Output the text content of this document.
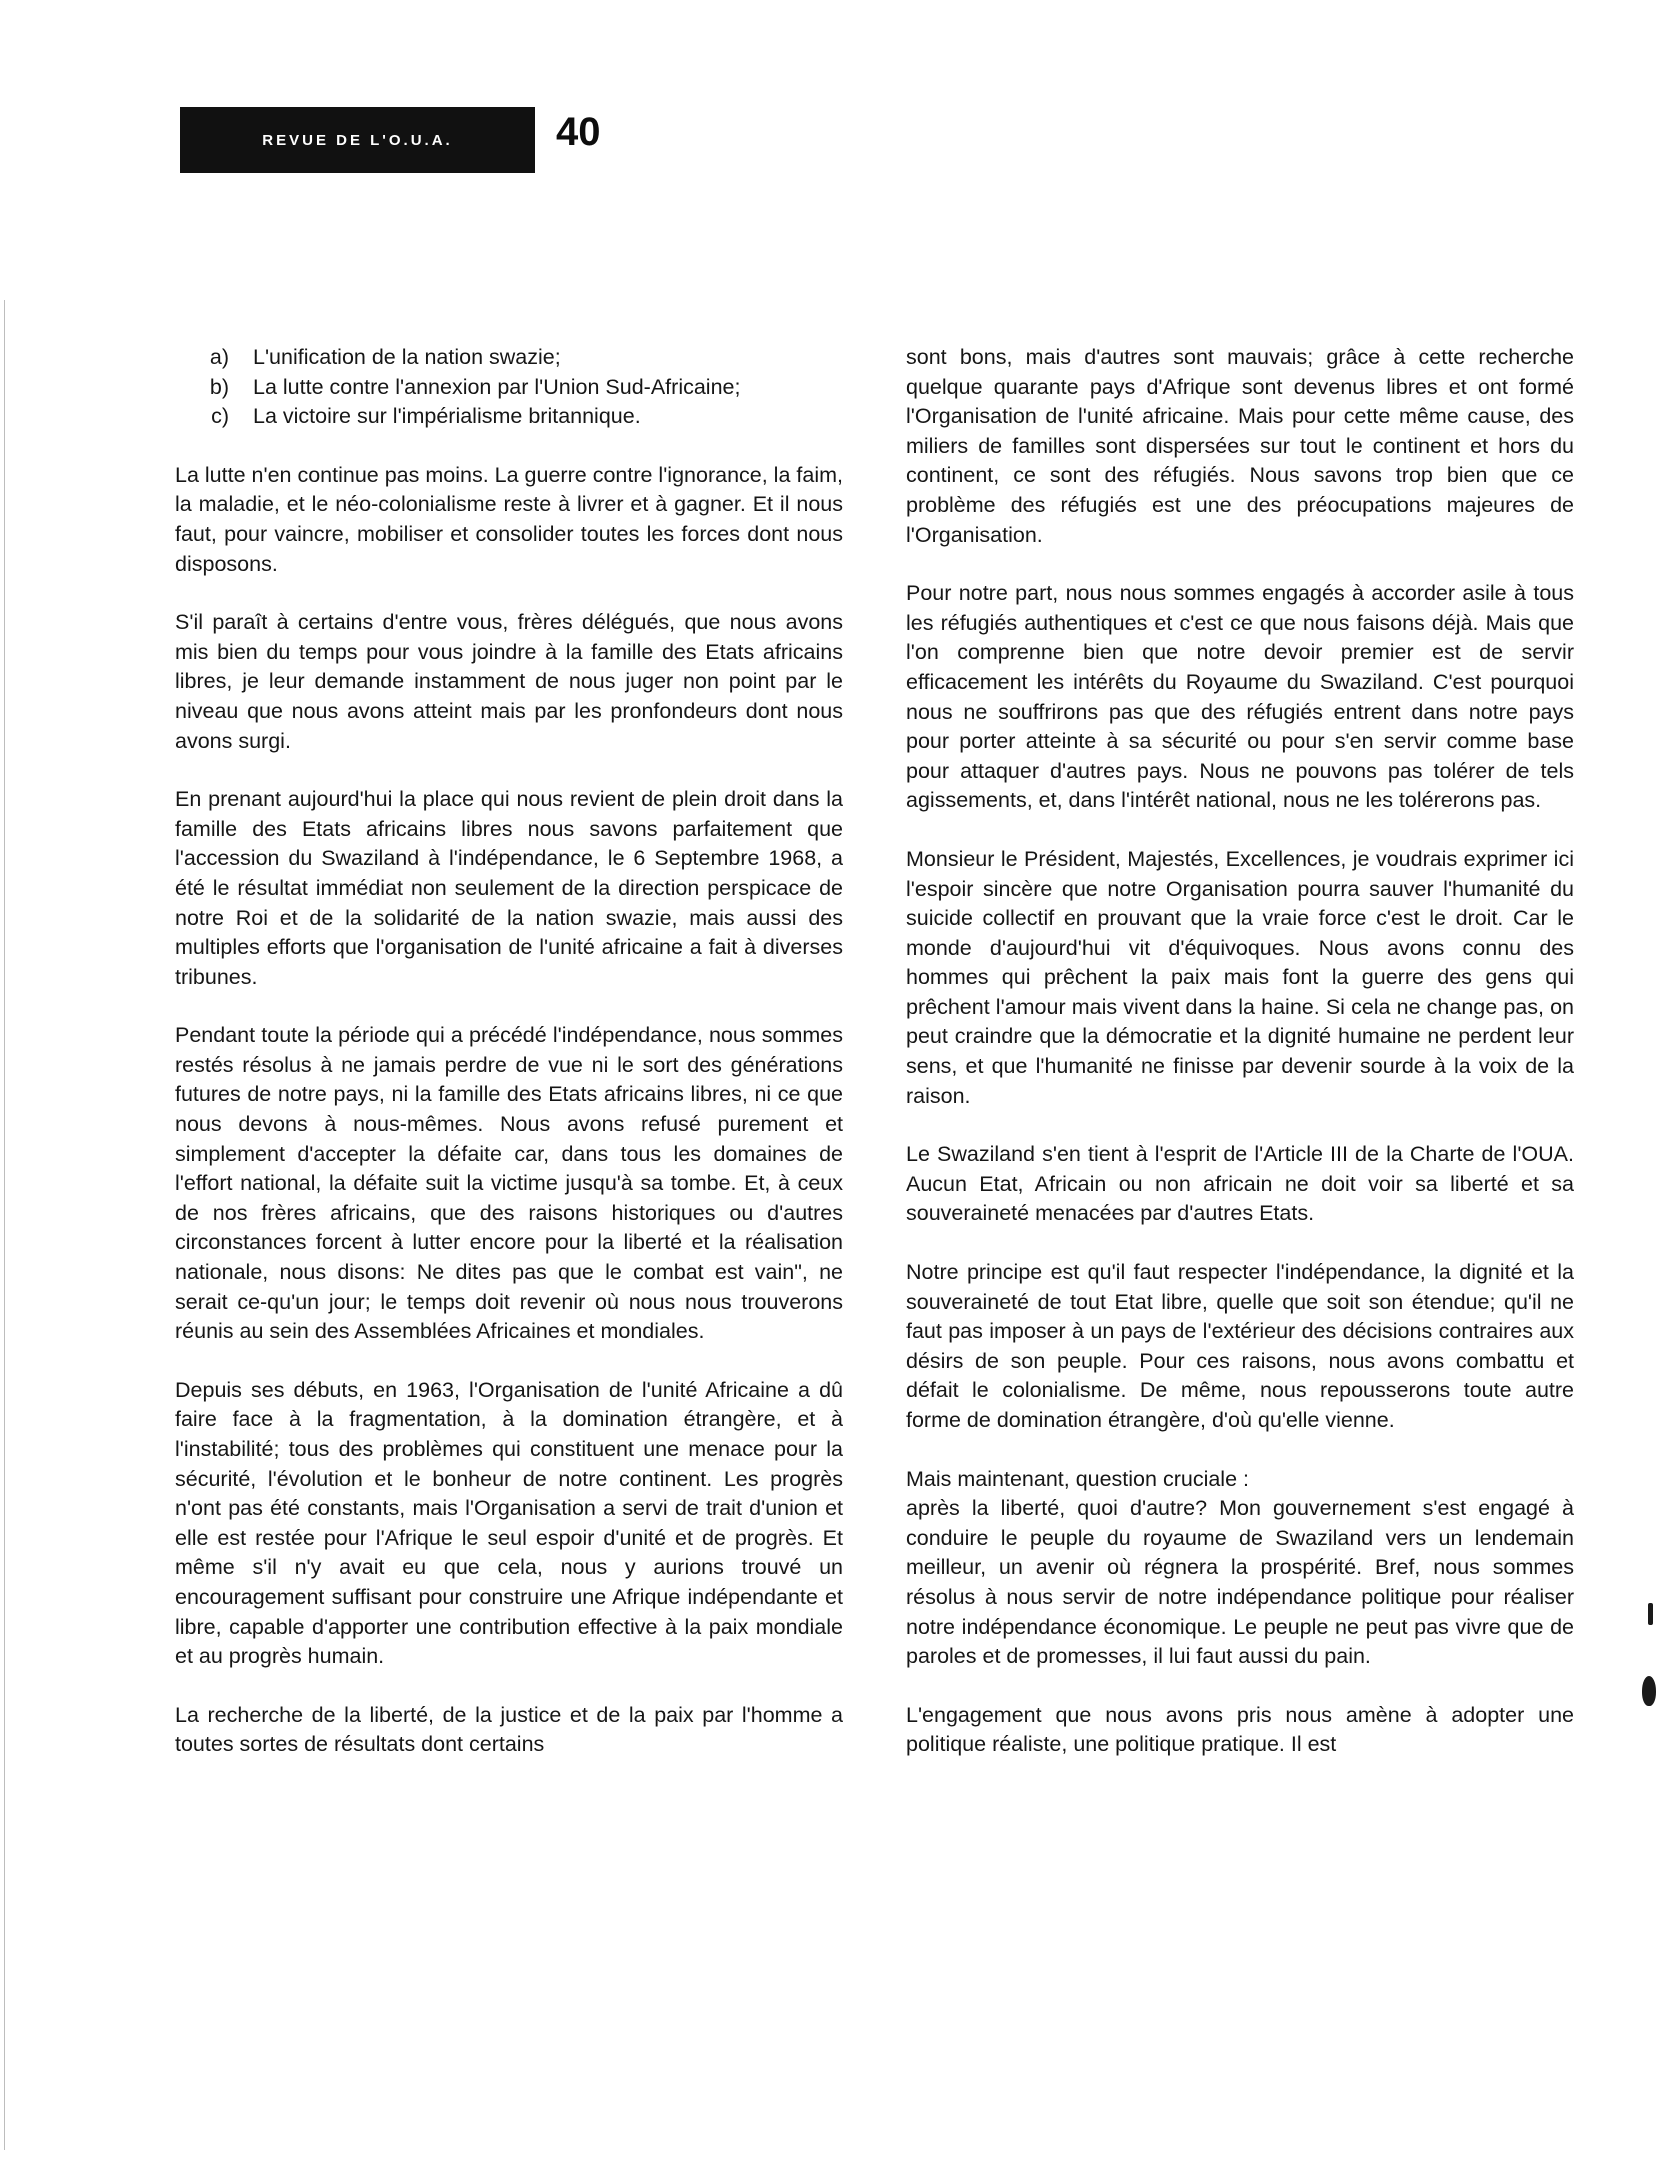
REVUE DE L'O.U.A.	40
a)	L'unification de la nation swazie;
b)	La lutte contre l'annexion par l'Union Sud-Africaine;
c)	La victoire sur l'impérialisme britannique.

La lutte n'en continue pas moins. La guerre contre l'ignorance, la faim, la maladie, et le néo-colonialisme reste à livrer et à gagner. Et il nous faut, pour vaincre, mobiliser et consolider toutes les forces dont nous disposons.

S'il paraît à certains d'entre vous, frères délégués, que nous avons mis bien du temps pour vous joindre à la famille des Etats africains libres, je leur demande instamment de nous juger non point par le niveau que nous avons atteint mais par les pronfondeurs dont nous avons surgi.

En prenant aujourd'hui la place qui nous revient de plein droit dans la famille des Etats africains libres nous savons parfaitement que l'accession du Swaziland à l'indépendance, le 6 Septembre 1968, a été le résultat immédiat non seulement de la direction perspicace de notre Roi et de la solidarité de la nation swazie, mais aussi des multiples efforts que l'organisation de l'unité africaine a fait à diverses tribunes.

Pendant toute la période qui a précédé l'indépendance, nous sommes restés résolus à ne jamais perdre de vue ni le sort des générations futures de notre pays, ni la famille des Etats africains libres, ni ce que nous devons à nous-mêmes. Nous avons refusé purement et simplement d'accepter la défaite car, dans tous les domaines de l'effort national, la défaite suit la victime jusqu'à sa tombe. Et, à ceux de nos frères africains, que des raisons historiques ou d'autres circonstances forcent à lutter encore pour la liberté et la réalisation nationale, nous disons: Ne dites pas que le combat est vain", ne serait ce-qu'un jour; le temps doit revenir où nous nous trouverons réunis au sein des Assemblées Africaines et mondiales.

Depuis ses débuts, en 1963, l'Organisation de l'unité Africaine a dû faire face à la fragmentation, à la domination étrangère, et à l'instabilité; tous des problèmes qui constituent une menace pour la sécurité, l'évolution et le bonheur de notre continent. Les progrès n'ont pas été constants, mais l'Organisation a servi de trait d'union et elle est restée pour l'Afrique le seul espoir d'unité et de progrès. Et même s'il n'y avait eu que cela, nous y aurions trouvé un encouragement suffisant pour construire une Afrique indépendante et libre, capable d'apporter une contribution effective à la paix mondiale et au progrès humain.

La recherche de la liberté, de la justice et de la paix par l'homme a toutes sortes de résultats dont certains

sont bons, mais d'autres sont mauvais; grâce à cette recherche quelque quarante pays d'Afrique sont devenus libres et ont formé l'Organisation de l'unité africaine. Mais pour cette même cause, des miliers de familles sont dispersées sur tout le continent et hors du continent, ce sont des réfugiés. Nous savons trop bien que ce problème des réfugiés est une des préocupations majeures de l'Organisation.

Pour notre part, nous nous sommes engagés à accorder asile à tous les réfugiés authentiques et c'est ce que nous faisons déjà. Mais que l'on comprenne bien que notre devoir premier est de servir efficacement les intérêts du Royaume du Swaziland. C'est pourquoi nous ne souffrirons pas que des réfugiés entrent dans notre pays pour porter atteinte à sa sécurité ou pour s'en servir comme base pour attaquer d'autres pays. Nous ne pouvons pas tolérer de tels agissements, et, dans l'intérêt national, nous ne les tolérerons pas.

Monsieur le Président, Majestés, Excellences, je voudrais exprimer ici l'espoir sincère que notre Organisation pourra sauver l'humanité du suicide collectif en prouvant que la vraie force c'est le droit. Car le monde d'aujourd'hui vit d'équivoques. Nous avons connu des hommes qui prêchent la paix mais font la guerre des gens qui prêchent l'amour mais vivent dans la haine. Si cela ne change pas, on peut craindre que la démocratie et la dignité humaine ne perdent leur sens, et que l'humanité ne finisse par devenir sourde à la voix de la raison.

Le Swaziland s'en tient à l'esprit de l'Article III de la Charte de l'OUA. Aucun Etat, Africain ou non africain ne doit voir sa liberté et sa souveraineté menacées par d'autres Etats.

Notre principe est qu'il faut respecter l'indépendance, la dignité et la souveraineté de tout Etat libre, quelle que soit son étendue; qu'il ne faut pas imposer à un pays de l'extérieur des décisions contraires aux désirs de son peuple. Pour ces raisons, nous avons combattu et défait le colonialisme. De même, nous repousserons toute autre forme de domination étrangère, d'où qu'elle vienne.

Mais maintenant, question cruciale :

après la liberté, quoi d'autre? Mon gouvernement s'est engagé à conduire le peuple du royaume de Swaziland vers un lendemain meilleur, un avenir où régnera la prospérité. Bref, nous sommes résolus à nous servir de notre indépendance politique pour réaliser notre indépendance économique. Le peuple ne peut pas vivre que de paroles et de promesses, il lui faut aussi du pain.

L'engagement que nous avons pris nous amène à adopter une politique réaliste, une politique pratique. Il est
